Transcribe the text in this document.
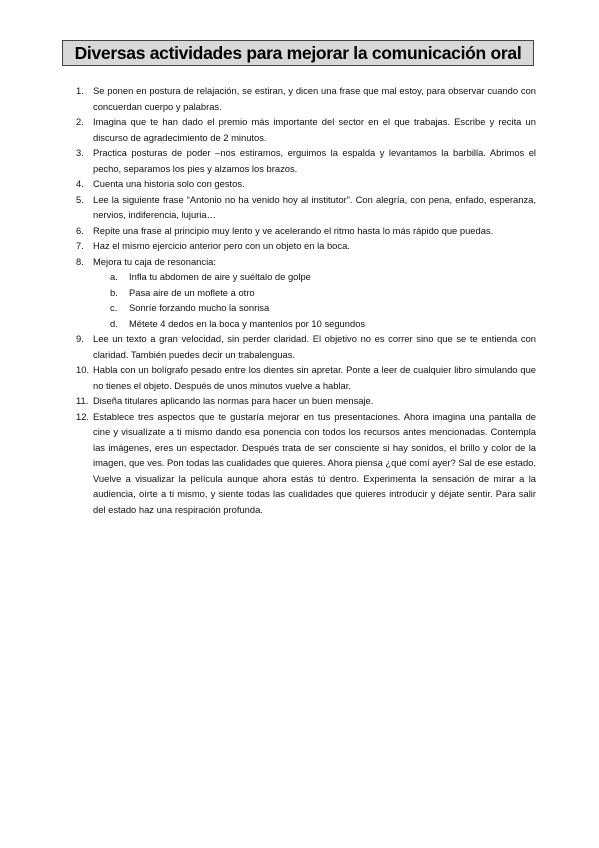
Diversas actividades para mejorar la comunicación oral
1. Se ponen en postura de relajación, se estiran, y dicen una frase que mal estoy, para observar cuando con concuerdan cuerpo y palabras.
2. Imagina que te han dado el premio más importante del sector en el que trabajas. Escribe y recita un discurso de agradecimiento de 2 minutos.
3. Practica posturas de poder –nos estiramos, erguimos la espalda y levantamos la barbilla. Abrimos el pecho, separamos los pies y alzamos los brazos.
4. Cuenta una historia solo con gestos.
5. Lee la siguiente frase “Antonio no ha venido hoy al institutor”. Con alegría, con pena, enfado, esperanza, nervios, indiferencia, lujuria…
6. Repite una frase al principio muy lento y ve acelerando el ritmo hasta lo más rápido que puedas.
7. Haz el mismo ejercicio anterior pero con un objeto en la boca.
8. Mejora tu caja de resonancia:
a. Infla tu abdomen de aire y suéltalo de golpe
b. Pasa aire de un moflete a otro
c. Sonríe forzando mucho la sonrisa
d. Métete 4 dedos en la boca y mantenlos por 10 segundos
9. Lee un texto a gran velocidad, sin perder claridad. El objetivo no es correr sino que se te entienda con claridad. También puedes decir un trabalenguas.
10. Habla con un bolígrafo pesado entre los dientes sin apretar. Ponte a leer de cualquier libro simulando que no tienes el objeto. Después de unos minutos vuelve a hablar.
11. Diseña titulares aplicando las normas para hacer un buen mensaje.
12. Establece tres aspectos que te gustaría mejorar en tus presentaciones. Ahora imagina una pantalla de cine y visualízate a ti mismo dando esa ponencia con todos los recursos antes mencionadas. Contempla las imágenes, eres un espectador. Después trata de ser consciente si hay sonidos, el brillo y color de la imagen, que ves. Pon todas las cualidades que quieres. Ahora piensa ¿qué comí ayer? Sal de ese estado. Vuelve a visualizar la película aunque ahora estás tú dentro. Experimenta la sensación de mirar a la audiencia, oírte a ti mismo, y siente todas las cualidades que quieres introducir y déjate sentir. Para salir del estado haz una respiración profunda.
